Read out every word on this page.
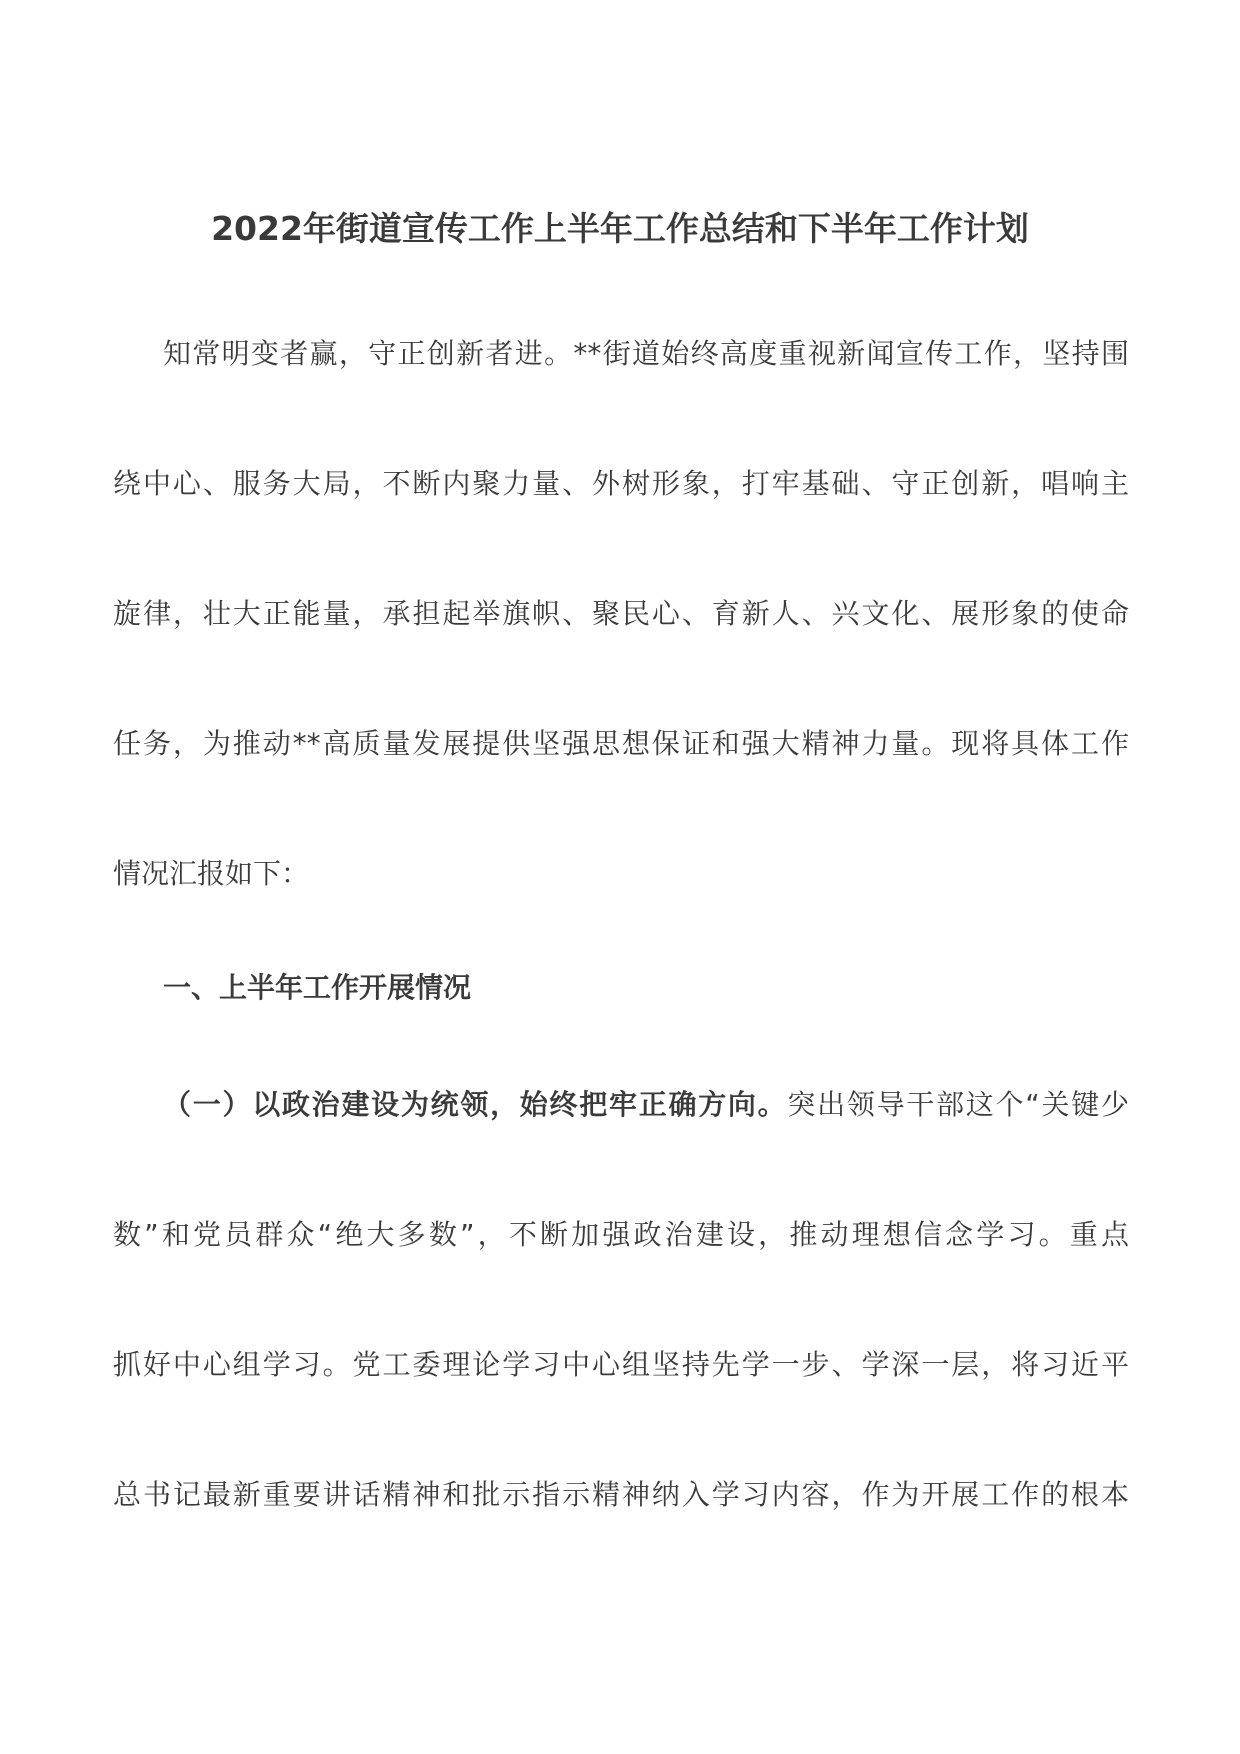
2022年街道宣传工作上半年工作总结和下半年工作计划
知常明变者赢，守正创新者进。**街道始终高度重视新闻宣传工作，坚持围
绕中心、服务大局，不断内聚力量、外树形象，打牢基础、守正创新，唱响主
旋律，壮大正能量，承担起举旗帜、聚民心、育新人、兴文化、展形象的使命
任务，为推动**高质量发展提供坚强思想保证和强大精神力量。现将具体工作
情况汇报如下：
一、上半年工作开展情况
（一）以政治建设为统领，始终把牢正确方向。突出领导干部这个“关键少
数”和党员群众“绝大多数”，不断加强政治建设，推动理想信念学习。重点
抓好中心组学习。党工委理论学习中心组坚持先学一步、学深一层，将习近平
总书记最新重要讲话精神和批示指示精神纳入学习内容，作为开展工作的根本
